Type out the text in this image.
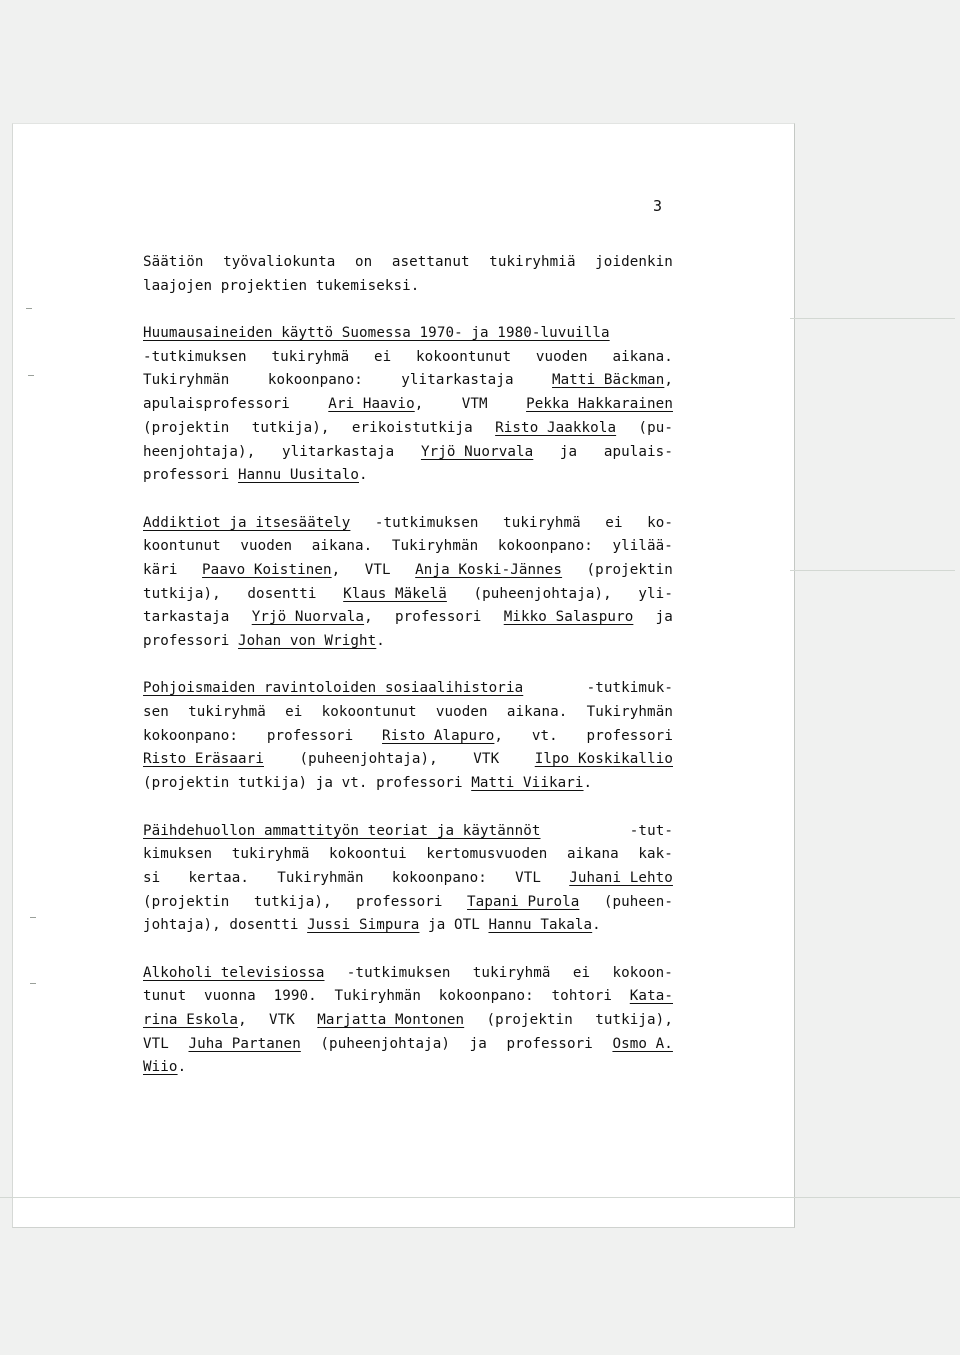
3
Säätiön työvaliokunta on asettanut tukiryhmiä joidenkin
laajojen projektien tukemiseksi.
Huumausaineiden käyttö Suomessa 1970- ja 1980-luvuilla
-tutkimuksen tukiryhmä ei kokoontunut vuoden aikana.
Tukiryhmän	kokoonpano:	ylitarkastaja	Matti Bäckman,
apulaisprofessori	Ari Haavio,	VTM	Pekka Hakkarainen
(projektin tutkija), erikoistutkija Risto Jaakkola (pu-
heenjohtaja), ylitarkastaja Yrjö Nuorvala ja apulais-
professori Hannu Uusitalo.
Addiktiot ja itsesäätely -tutkimuksen tukiryhmä ei ko-
koontunut vuoden aikana. Tukiryhmän kokoonpano: ylilää-
käri Paavo Koistinen, VTL Anja Koski-Jännes (projektin
tutkija), dosentti Klaus Mäkelä (puheenjohtaja), yli-
tarkastaja Yrjö Nuorvala, professori Mikko Salaspuro ja
professori Johan von Wright.
Pohjoismaiden ravintoloiden sosiaalihistoria	-tutkimuk-
sen tukiryhmä ei kokoontunut vuoden aikana. Tukiryhmän
kokoonpano: professori Risto Alapuro, vt. professori
Risto Eräsaari	(puheenjohtaja),	VTK	Ilpo Koskikallio
(projektin tutkija) ja vt. professori Matti Viikari.
Päihdehuollon ammattityön teoriat ja käytännöt	-tut-
kimuksen tukiryhmä kokoontui kertomusvuoden aikana kak-
si kertaa. Tukiryhmän kokoonpano: VTL Juhani Lehto
(projektin tutkija), professori Tapani Purola (puheen-
johtaja), dosentti Jussi Simpura ja OTL Hannu Takala.
Alkoholi televisiossa -tutkimuksen tukiryhmä ei kokoon-
tunut vuonna 1990. Tukiryhmän kokoonpano: tohtori Kata-
rina Eskola, VTK Marjatta Montonen (projektin tutkija),
VTL Juha Partanen (puheenjohtaja) ja professori Osmo A.
Wiio.
